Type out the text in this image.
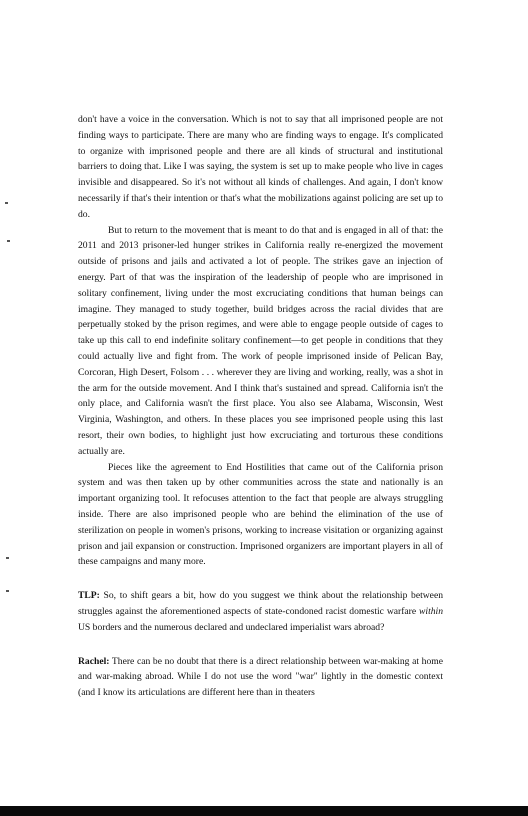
don't have a voice in the conversation. Which is not to say that all imprisoned people are not finding ways to participate. There are many who are finding ways to engage. It's complicated to organize with imprisoned people and there are all kinds of structural and institutional barriers to doing that. Like I was saying, the system is set up to make people who live in cages invisible and disappeared. So it's not without all kinds of challenges. And again, I don't know necessarily if that's their intention or that's what the mobilizations against policing are set up to do.

But to return to the movement that is meant to do that and is engaged in all of that: the 2011 and 2013 prisoner-led hunger strikes in California really re-energized the movement outside of prisons and jails and activated a lot of people. The strikes gave an injection of energy. Part of that was the inspiration of the leadership of people who are imprisoned in solitary confinement, living under the most excruciating conditions that human beings can imagine. They managed to study together, build bridges across the racial divides that are perpetually stoked by the prison regimes, and were able to engage people outside of cages to take up this call to end indefinite solitary confinement—to get people in conditions that they could actually live and fight from. The work of people imprisoned inside of Pelican Bay, Corcoran, High Desert, Folsom . . . wherever they are living and working, really, was a shot in the arm for the outside movement. And I think that's sustained and spread. California isn't the only place, and California wasn't the first place. You also see Alabama, Wisconsin, West Virginia, Washington, and others. In these places you see imprisoned people using this last resort, their own bodies, to highlight just how excruciating and torturous these conditions actually are.

Pieces like the agreement to End Hostilities that came out of the California prison system and was then taken up by other communities across the state and nationally is an important organizing tool. It refocuses attention to the fact that people are always struggling inside. There are also imprisoned people who are behind the elimination of the use of sterilization on people in women's prisons, working to increase visitation or organizing against prison and jail expansion or construction. Imprisoned organizers are important players in all of these campaigns and many more.

TLP: So, to shift gears a bit, how do you suggest we think about the relationship between struggles against the aforementioned aspects of state-condoned racist domestic warfare within US borders and the numerous declared and undeclared imperialist wars abroad?

Rachel: There can be no doubt that there is a direct relationship between war-making at home and war-making abroad. While I do not use the word "war" lightly in the domestic context (and I know its articulations are different here than in theaters
